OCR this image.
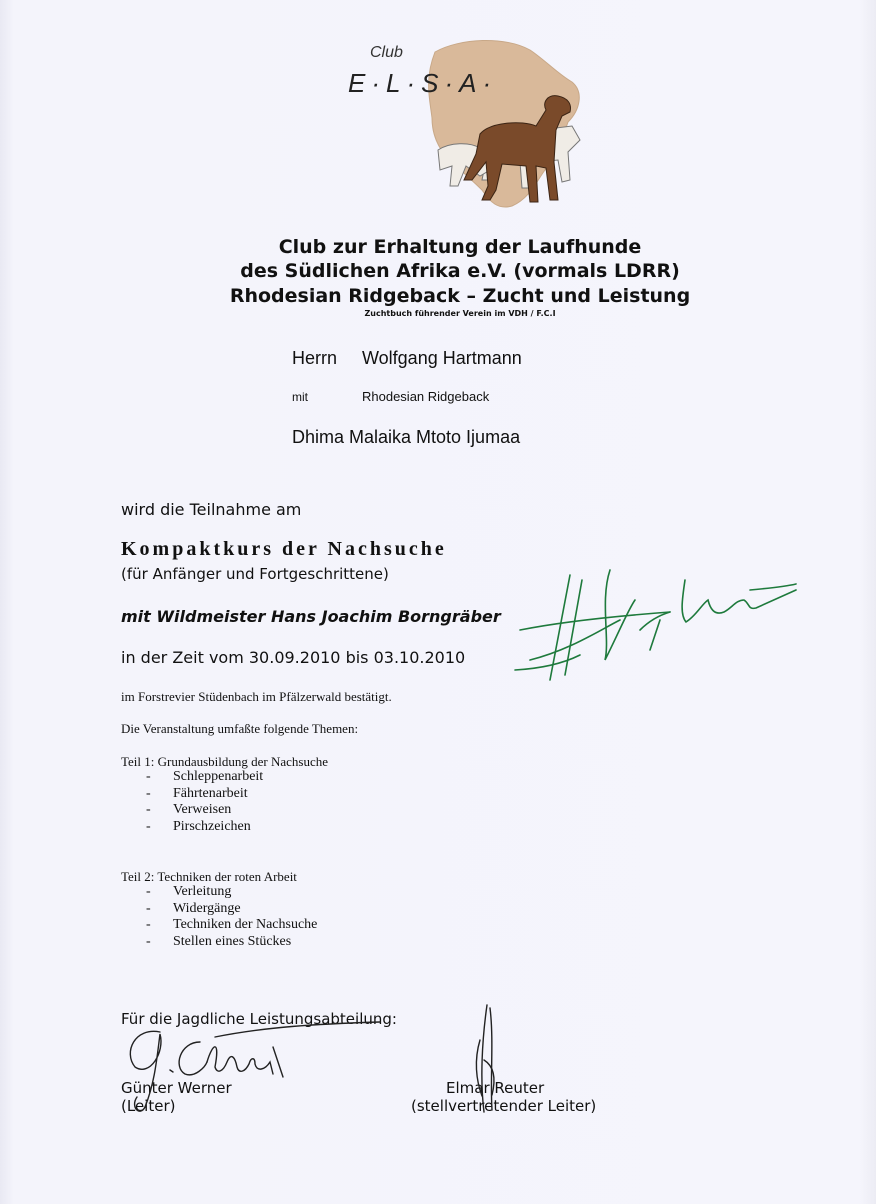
Club
E·L·S·A·
Club zur Erhaltung der Laufhunde
des Südlichen Afrika e.V. (vormals LDRR)
Rhodesian Ridgeback – Zucht und Leistung
Zuchtbuch führender Verein im VDH / F.C.I
Herrn Wolfgang Hartmann
mit	Rhodesian Ridgeback
Dhima Malaika Mtoto Ijumaa
wird die Teilnahme am
Kompaktkurs der Nachsuche
(für Anfänger und Fortgeschrittene)
mit Wildmeister Hans Joachim Borngräber
in der Zeit vom 30.09.2010 bis 03.10.2010
im Forstrevier Stüdenbach im Pfälzerwald bestätigt.
Die Veranstaltung umfaßte folgende Themen:
Teil 1: Grundausbildung der Nachsuche
- Schleppenarbeit
- Fährtenarbeit
- Verweisen
- Pirschzeichen
Teil 2: Techniken der roten Arbeit
- Verleitung
- Widergänge
- Techniken der Nachsuche
- Stellen eines Stückes
Für die Jagdliche Leistungsabteilung:
Günter Werner
(Leiter)
Elmar Reuter
(stellvertretender Leiter)
